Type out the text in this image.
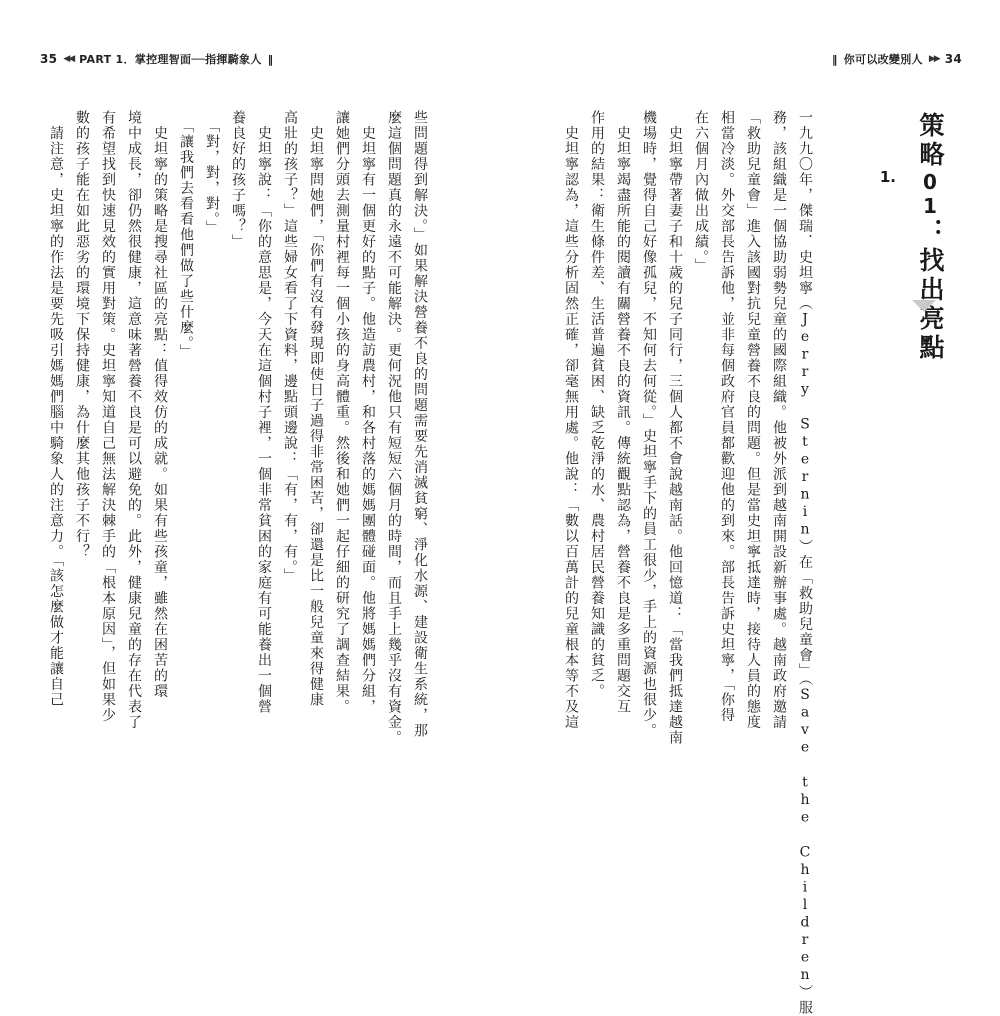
35 ◀◀ PART 1．掌控理智面──指揮騎象人 ‖
些問題得到解決。」如果解決營養不良的問題需要先消滅貧窮、淨化水源、建設衛生系統，那
麼這個問題真的永遠不可能解決。更何況他只有短短六個月的時間，而且手上幾乎沒有資金。
　史坦寧有一個更好的點子。他造訪農村，和各村落的媽媽團體碰面。他將媽媽們分組，
讓她們分頭去測量村裡每一個小孩的身高體重。然後和她們一起仔細的研究了調查結果。
　史坦寧問她們，「你們有沒有發現即使日子過得非常困苦，卻還是比一般兒童來得健康
高壯的孩子？」這些婦女看了下資料，邊點頭邊說：「有，有，有。」
　史坦寧說：「你的意思是，今天在這個村子裡，一個非常貧困的家庭有可能養出一個營
養良好的孩子嗎？」
　「對，對，對。」
　「讓我們去看看他們做了些什麼。」
　史坦寧的策略是搜尋社區的亮點：值得效仿的成就。如果有些孩童，雖然在困苦的環
境中成長，卻仍然很健康，這意味著營養不良是可以避免的。此外，健康兒童的存在代表了
有希望找到快速見效的實用對策。史坦寧知道自己無法解決棘手的「根本原因」，但如果少
數的孩子能在如此惡劣的環境下保持健康，為什麼其他孩子不行？
　請注意，史坦寧的作法是要先吸引媽媽們腦中騎象人的注意力。「該怎麼做才能讓自己
‖ 你可以改變別人 ▶▶ 34
策略01：找出亮點
1.
一九九〇年，傑瑞．史坦寧（Jerry Sternin）在「救助兒童會」（Save the Children）服
務，該組織是一個協助弱勢兒童的國際組織。他被外派到越南開設新辦事處。越南政府邀請
「救助兒童會」進入該國對抗兒童營養不良的問題。但是當史坦寧抵達時，接待人員的態度
相當冷淡。外交部長告訴他，並非每個政府官員都歡迎他的到來。部長告訴史坦寧，「你得
在六個月內做出成績。」
　史坦寧帶著妻子和十歲的兒子同行，三個人都不會說越南話。他回憶道：「當我們抵達越南
機場時，覺得自己好像孤兒，不知何去何從。」史坦寧手下的員工很少，手上的資源也很少。
　史坦寧竭盡所能的閱讀有關營養不良的資訊。傳統觀點認為，營養不良是多重問題交互
作用的結果：衛生條件差、生活普遍貧困、缺乏乾淨的水、農村居民營養知識的貧乏。
　史坦寧認為，這些分析固然正確，卻毫無用處。他說：「數以百萬計的兒童根本等不及這
